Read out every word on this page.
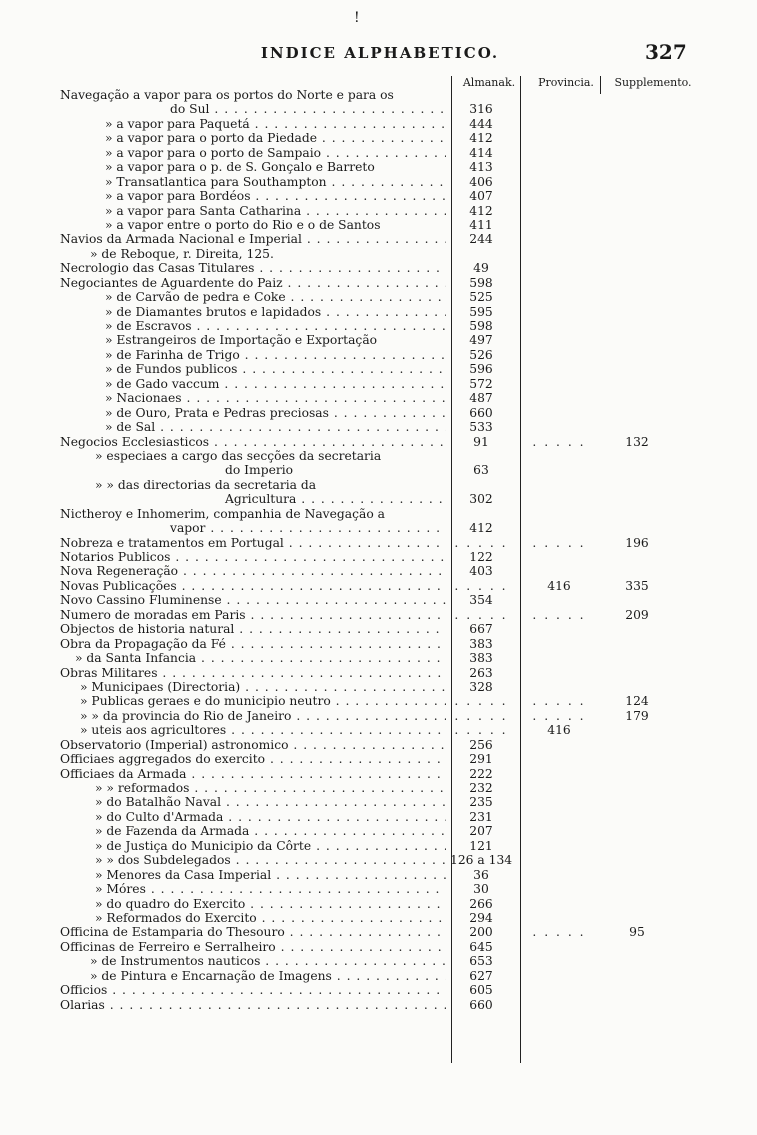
INDICE ALPHABETICO.	327
!
Almanak.	Provincia.	Supplemento.
Navegação a vapor para os portos do Norte e para os
do Sul . . .	316
» a vapor para Paquetá . . .	444
» a vapor para o porto da Piedade . . .	412
» a vapor para o porto de Sampaio . . .	414
» a vapor para o p. de S. Gonçalo e Barreto	413
» Transatlantica para Southampton . . .	406
» a vapor para Bordéos . . .	407
» a vapor para Santa Catharina . . .	412
» a vapor entre o porto do Rio e o de Santos	411
Navios da Armada Nacional e Imperial . . .	244
» de Reboque, r. Direita, 125.
Necrologio das Casas Titulares . . .	49
Negociantes de Aguardente do Paiz . . .	598
» de Carvão de pedra e Coke . . .	525
» de Diamantes brutos e lapidados . . .	595
» de Escravos . . .	598
» Estrangeiros de Importação e Exportação	497
» de Farinha de Trigo . . .	526
» de Fundos publicos . . .	596
» de Gado vaccum . . .	572
» Nacionaes . . .	487
» de Ouro, Prata e Pedras preciosas . . .	660
» de Sal . . .	533
Negocios Ecclesiasticos . . .	91	. . . . .	132
» especiaes a cargo das secções da secretaria
do Imperio	63
» » das directorias da secretaria da
Agricultura . . .	302
Nictheroy e Inhomerim, companhia de Navegação a
vapor . . .	412
Nobreza e tratamentos em Portugal . . .	. . . . .	. . . . .	196
Notarios Publicos . . .	122
Nova Regeneração . . .	403
Novas Publicações . . .	. . . . .	416	335
Novo Cassino Fluminense . . .	354
Numero de moradas em Paris . . .	. . . . .	. . . . .	209
Objectos de historia natural . . .	667
Obra da Propagação da Fé . . .	383
» da Santa Infancia . . .	383
Obras Militares . . .	263
» Municipaes (Directoria) . . .	328
» Publicas geraes e do municipio neutro . . .	. . . . .	. . . . .	124
» » da provincia do Rio de Janeiro . . .	. . . . .	. . . . .	179
» uteis aos agricultores . . .	. . . . .	416
Observatorio (Imperial) astronomico . . .	256
Officiaes aggregados do exercito . . .	291
Officiaes da Armada . . .	222
» » reformados . . .	232
» do Batalhão Naval . . .	235
» do Culto d'Armada . . .	231
» de Fazenda da Armada . . .	207
» de Justiça do Municipio da Côrte . . .	121
» » dos Subdelegados . . .	126 a 134
» Menores da Casa Imperial . . .	36
» Móres . . .	30
» do quadro do Exercito . . .	266
» Reformados do Exercito . . .	294
Officina de Estamparia do Thesouro . . .	200	. . . . .	95
Officinas de Ferreiro e Serralheiro . . .	645
» de Instrumentos nauticos . . .	653
» de Pintura e Encarnação de Imagens . . .	627
Officios . . .	605
Olarias . . .	660
